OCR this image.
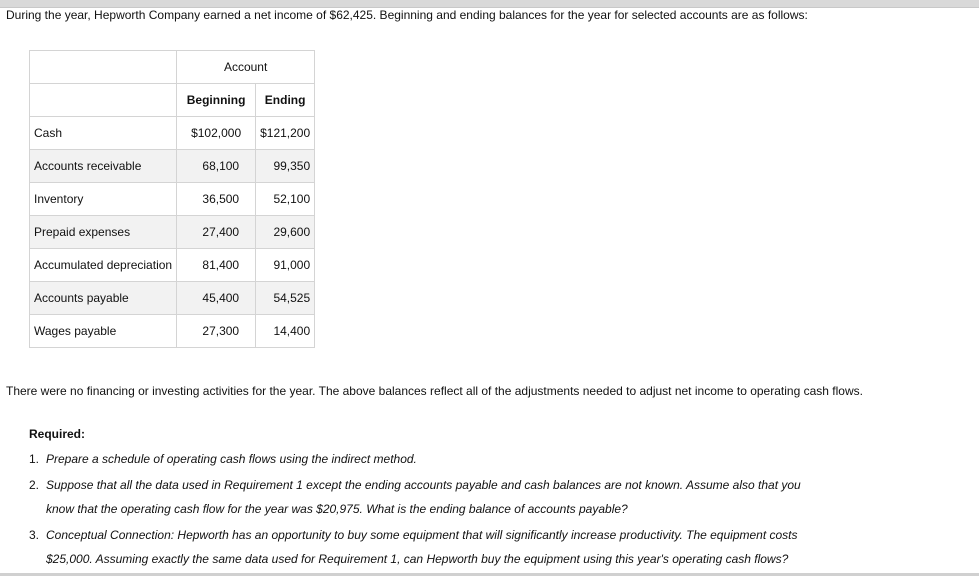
During the year, Hepworth Company earned a net income of $62,425. Beginning and ending balances for the year for selected accounts are as follows:
	Account	
	Beginning	Ending
Cash	$102,000	$121,200
Accounts receivable	68,100	99,350
Inventory	36,500	52,100
Prepaid expenses	27,400	29,600
Accumulated depreciation	81,400	91,000
Accounts payable	45,400	54,525
Wages payable	27,300	14,400
There were no financing or investing activities for the year. The above balances reflect all of the adjustments needed to adjust net income to operating cash flows.
Required:
1. Prepare a schedule of operating cash flows using the indirect method.
2. Suppose that all the data used in Requirement 1 except the ending accounts payable and cash balances are not known. Assume also that you
know that the operating cash flow for the year was $20,975. What is the ending balance of accounts payable?
3. Conceptual Connection: Hepworth has an opportunity to buy some equipment that will significantly increase productivity. The equipment costs
$25,000. Assuming exactly the same data used for Requirement 1, can Hepworth buy the equipment using this year's operating cash flows?
